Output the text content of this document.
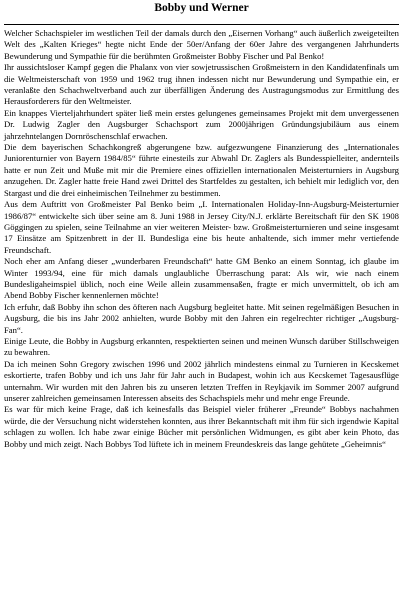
Bobby und Werner

Welcher Schachspieler im westlichen Teil der damals durch den „Eisernen Vorhang“ auch äußerlich zweigeteilten Welt des „Kalten Krieges“ hegte nicht Ende der 50er/Anfang der 60er Jahre des vergangenen Jahrhunderts Bewunderung und Sympathie für die berühmten Großmeister Bobby Fischer und Pal Benko!

Ihr aussichtsloser Kampf gegen die Phalanx von vier sowjetrussischen Großmeistern in den Kandidatenfinals um die Weltmeisterschaft von 1959 und 1962 trug ihnen indessen nicht nur Bewunderung und Sympathie ein, er veranlaßte den Schachweltverband auch zur überfälligen Änderung des Austragungsmodus zur Ermittlung des Herausforderers für den Weltmeister.

Ein knappes Vierteljahrhundert später ließ mein erstes gelungenes gemeinsames Projekt mit dem unvergessenen Dr. Ludwig Zagler den Augsburger Schachsport zum 2000jährigen Gründungsjubiläum aus einem jahrzehntelangen Dornröschenschlaf erwachen.

Die dem bayerischen Schachkongreß abgerungene bzw. aufgezwungene Finanzierung des „Internationales Juniorenturnier von Bayern 1984/85“ führte einesteils zur Abwahl Dr. Zaglers als Bundesspielleiter, andernteils hatte er nun Zeit und Muße mit mir die Premiere eines offiziellen internationalen Meisterturniers in Augsburg anzugehen. Dr. Zagler hatte freie Hand zwei Drittel des Startfeldes zu gestalten, ich behielt mir lediglich vor, den Stargast und die drei einheimischen Teilnehmer zu bestimmen.

Aus dem Auftritt von Großmeister Pal Benko beim „I. Internationalen Holiday-Inn-Augsburg-Meisterturnier 1986/87“ entwickelte sich über seine am 8. Juni 1988 in Jersey City/N.J. erklärte Bereitschaft für den SK 1908 Göggingen zu spielen, seine Teilnahme an vier weiteren Meister- bzw. Großmeisterturnieren und seine insgesamt 17 Einsätze am Spitzenbrett in der II. Bundesliga eine bis heute anhaltende, sich immer mehr vertiefende Freundschaft.

Noch eher am Anfang dieser „wunderbaren Freundschaft“ hatte GM Benko an einem Sonntag, ich glaube im Winter 1993/94, eine für mich damals unglaubliche Überraschung parat: Als wir, wie nach einem Bundesligaheimspiel üblich, noch eine Weile allein zusammensaßen, fragte er mich unvermittelt, ob ich am Abend Bobby Fischer kennenlernen möchte!

Ich erfuhr, daß Bobby ihn schon des öfteren nach Augsburg begleitet hatte. Mit seinen regelmäßigen Besuchen in Augsburg, die bis ins Jahr 2002 anhielten, wurde Bobby mit den Jahren ein regelrechter richtiger „Augsburg-Fan“.

Einige Leute, die Bobby in Augsburg erkannten, respektierten seinen und meinen Wunsch darüber Stillschweigen zu bewahren.

Da ich meinen Sohn Gregory zwischen 1996 und 2002 jährlich mindestens einmal zu Turnieren in Kecskemet eskortierte, trafen Bobby und ich uns Jahr für Jahr auch in Budapest, wohin ich aus Kecskemet Tagesausflüge unternahm. Wir wurden mit den Jahren bis zu unseren letzten Treffen in Reykjavik im Sommer 2007 aufgrund unserer zahlreichen gemeinsamen Interessen abseits des Schachspiels mehr und mehr enge Freunde.

Es war für mich keine Frage, daß ich keinesfalls das Beispiel vieler früherer „Freunde“ Bobbys nachahmen würde, die der Versuchung nicht widerstehen konnten, aus ihrer Bekanntschaft mit ihm für sich irgendwie Kapital schlagen zu wollen. Ich habe zwar einige Bücher mit persönlichen Widmungen, es gibt aber kein Photo, das Bobby und mich zeigt. Nach Bobbys Tod lüftete ich in meinem Freundeskreis das lange gehütete „Geheimnis“
